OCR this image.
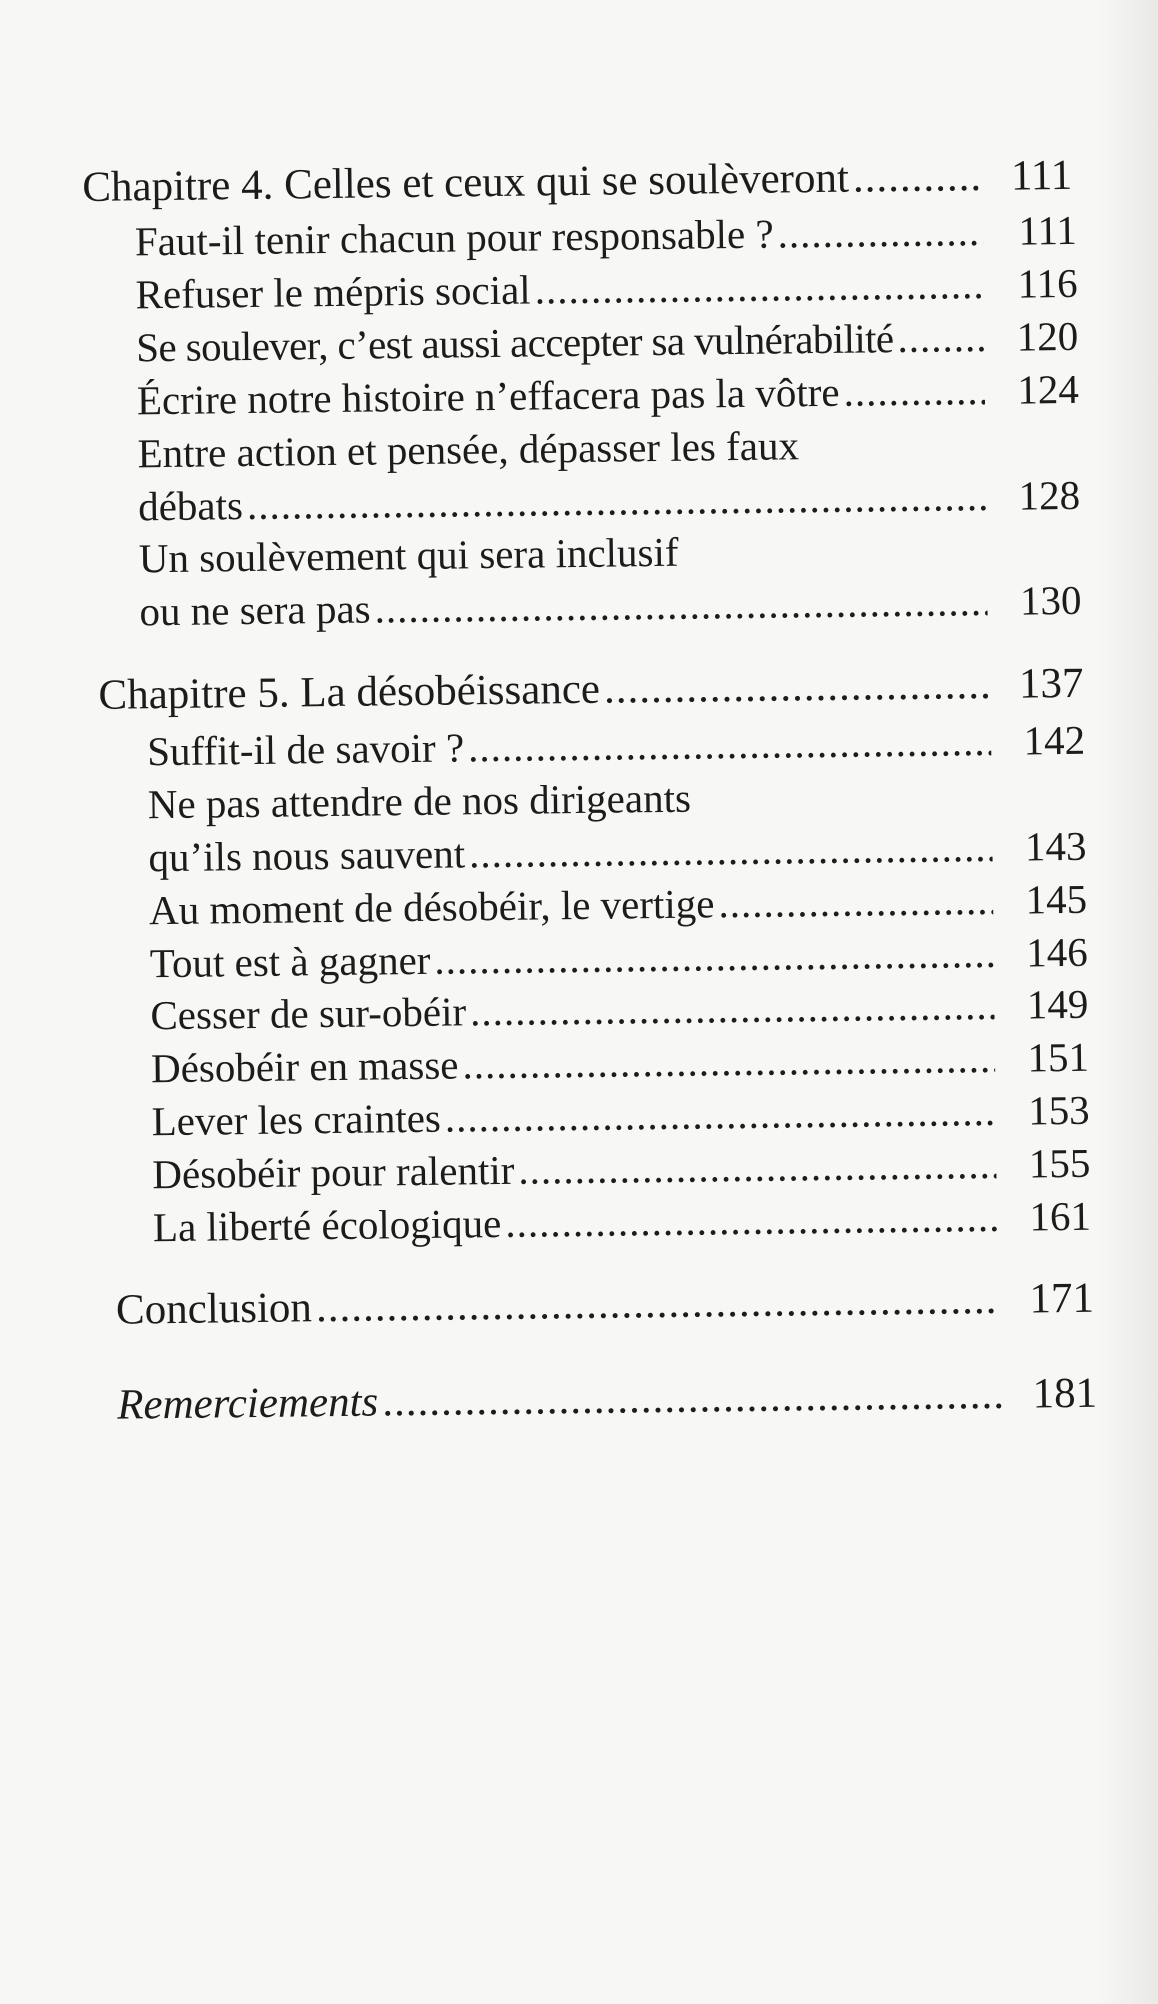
Chapitre 4. Celles et ceux qui se soulèveront .....	111
Faut-il tenir chacun pour responsable ? .....	111
Refuser le mépris social .....	116
Se soulever, c’est aussi accepter sa vulnérabilité .....	120
Écrire notre histoire n’effacera pas la vôtre .....	124
Entre action et pensée, dépasser les faux
débats .....	128
Un soulèvement qui sera inclusif
ou ne sera pas .....	130
Chapitre 5. La désobéissance .....	137
Suffit-il de savoir ? .....	142
Ne pas attendre de nos dirigeants
qu’ils nous sauvent .....	143
Au moment de désobéir, le vertige .....	145
Tout est à gagner .....	146
Cesser de sur-obéir .....	149
Désobéir en masse .....	151
Lever les craintes .....	153
Désobéir pour ralentir .....	155
La liberté écologique .....	161
Conclusion .....	171
Remerciements .....	181
